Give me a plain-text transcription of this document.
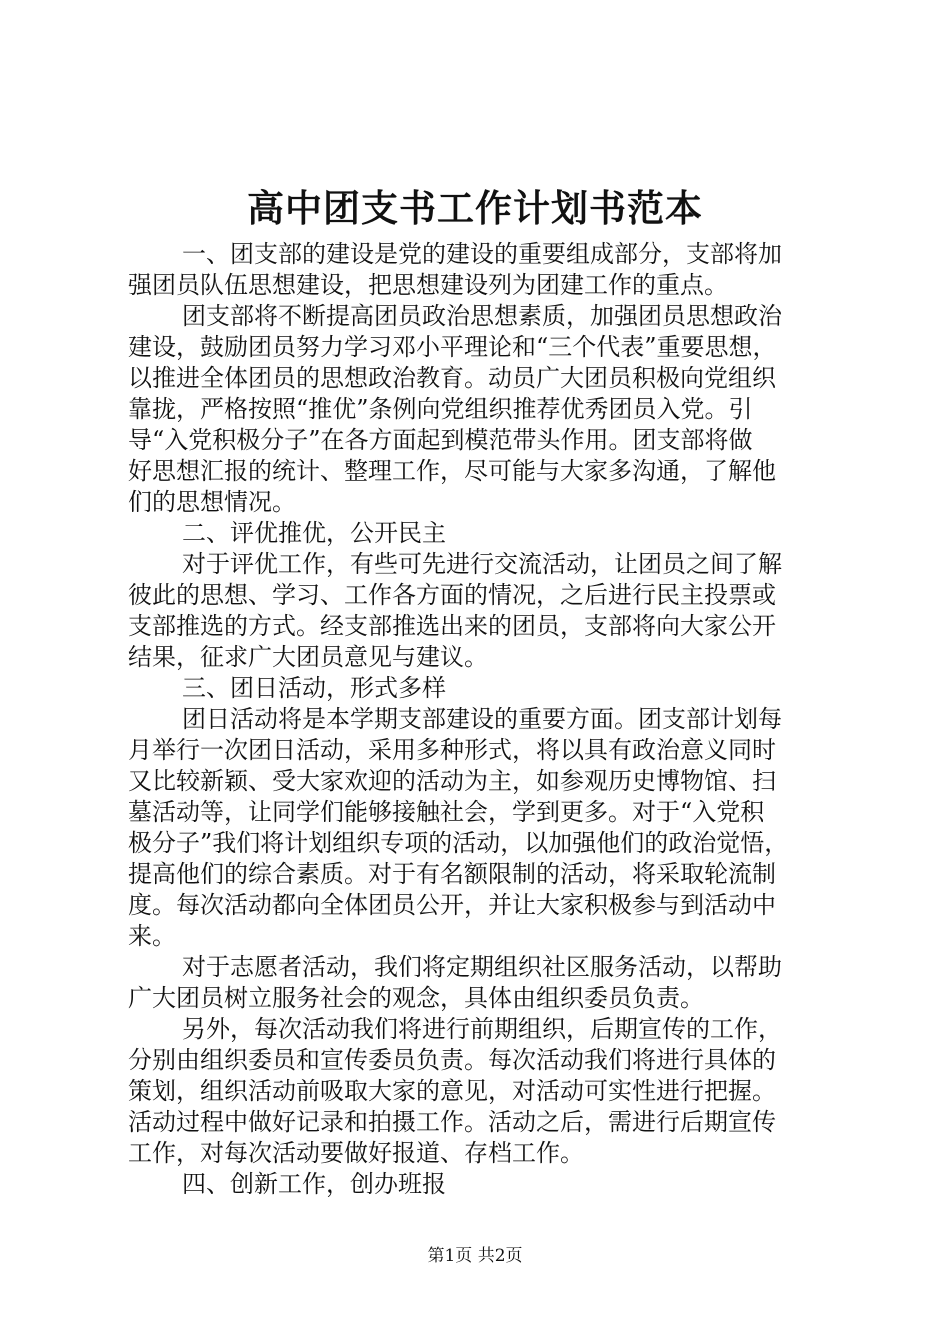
高中团支书工作计划书范本
一、团支部的建设是党的建设的重要组成部分，支部将加
强团员队伍思想建设，把思想建设列为团建工作的重点。
团支部将不断提高团员政治思想素质，加强团员思想政治
建设，鼓励团员努力学习邓小平理论和“三个代表”重要思想，
以推进全体团员的思想政治教育。动员广大团员积极向党组织
靠拢，严格按照“推优”条例向党组织推荐优秀团员入党。引
导“入党积极分子”在各方面起到模范带头作用。团支部将做
好思想汇报的统计、整理工作，尽可能与大家多沟通，了解他
们的思想情况。
二、评优推优，公开民主
对于评优工作，有些可先进行交流活动，让团员之间了解
彼此的思想、学习、工作各方面的情况，之后进行民主投票或
支部推选的方式。经支部推选出来的团员，支部将向大家公开
结果，征求广大团员意见与建议。
三、团日活动，形式多样
团日活动将是本学期支部建设的重要方面。团支部计划每
月举行一次团日活动，采用多种形式，将以具有政治意义同时
又比较新颖、受大家欢迎的活动为主，如参观历史博物馆、扫
墓活动等，让同学们能够接触社会，学到更多。对于“入党积
极分子”我们将计划组织专项的活动，以加强他们的政治觉悟，
提高他们的综合素质。对于有名额限制的活动，将采取轮流制
度。每次活动都向全体团员公开，并让大家积极参与到活动中
来。
对于志愿者活动，我们将定期组织社区服务活动，以帮助
广大团员树立服务社会的观念，具体由组织委员负责。
另外，每次活动我们将进行前期组织，后期宣传的工作，
分别由组织委员和宣传委员负责。每次活动我们将进行具体的
策划，组织活动前吸取大家的意见，对活动可实性进行把握。
活动过程中做好记录和拍摄工作。活动之后，需进行后期宣传
工作，对每次活动要做好报道、存档工作。
四、创新工作，创办班报
第1页 共2页
